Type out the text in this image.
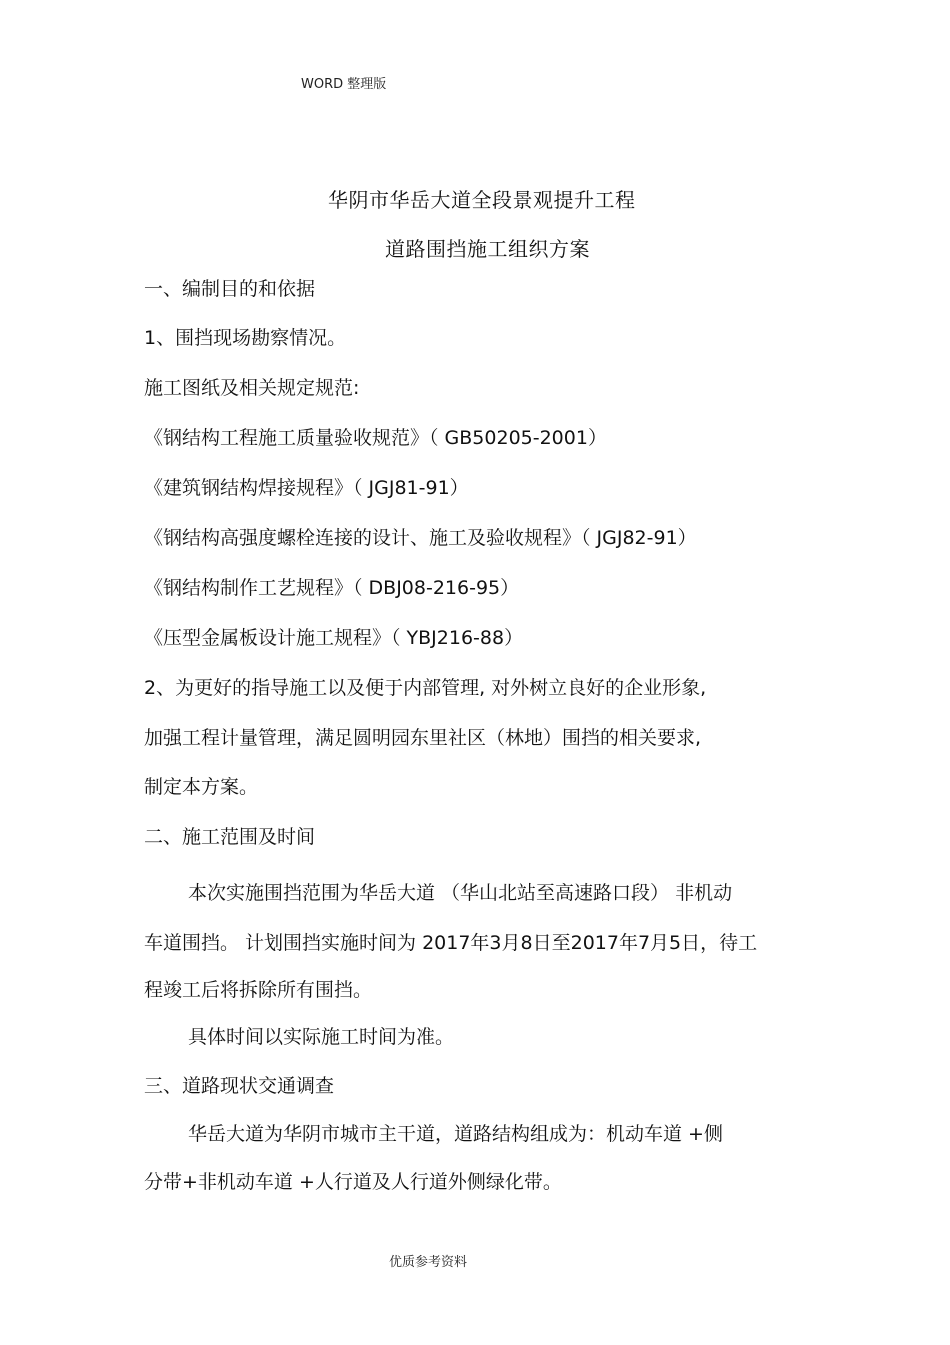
WORD 整理版
华阴市华岳大道全段景观提升工程
道路围挡施工组织方案
一、编制目的和依据
1、围挡现场勘察情况。
施工图纸及相关规定规范:
《钢结构工程施工质量验收规范》（ GB50205-2001）
《建筑钢结构焊接规程》（ JGJ81-91）
《钢结构高强度螺栓连接的设计、施工及验收规程》（ JGJ82-91）
《钢结构制作工艺规程》（ DBJ08-216-95）
《压型金属板设计施工规程》（ YBJ216-88）
2、为更好的指导施工以及便于内部管理, 对外树立良好的企业形象,
加强工程计量管理，满足圆明园东里社区（林地）围挡的相关要求,
制定本方案。
二、施工范围及时间
本次实施围挡范围为华岳大道 （华山北站至高速路口段） 非机动
车道围挡。 计划围挡实施时间为 2017年3月8日至2017年7月5日，待工
程竣工后将拆除所有围挡。
具体时间以实际施工时间为准。
三、道路现状交通调查
华岳大道为华阴市城市主干道，道路结构组成为：机动车道 +侧
分带+非机动车道 +人行道及人行道外侧绿化带。
优质参考资料
